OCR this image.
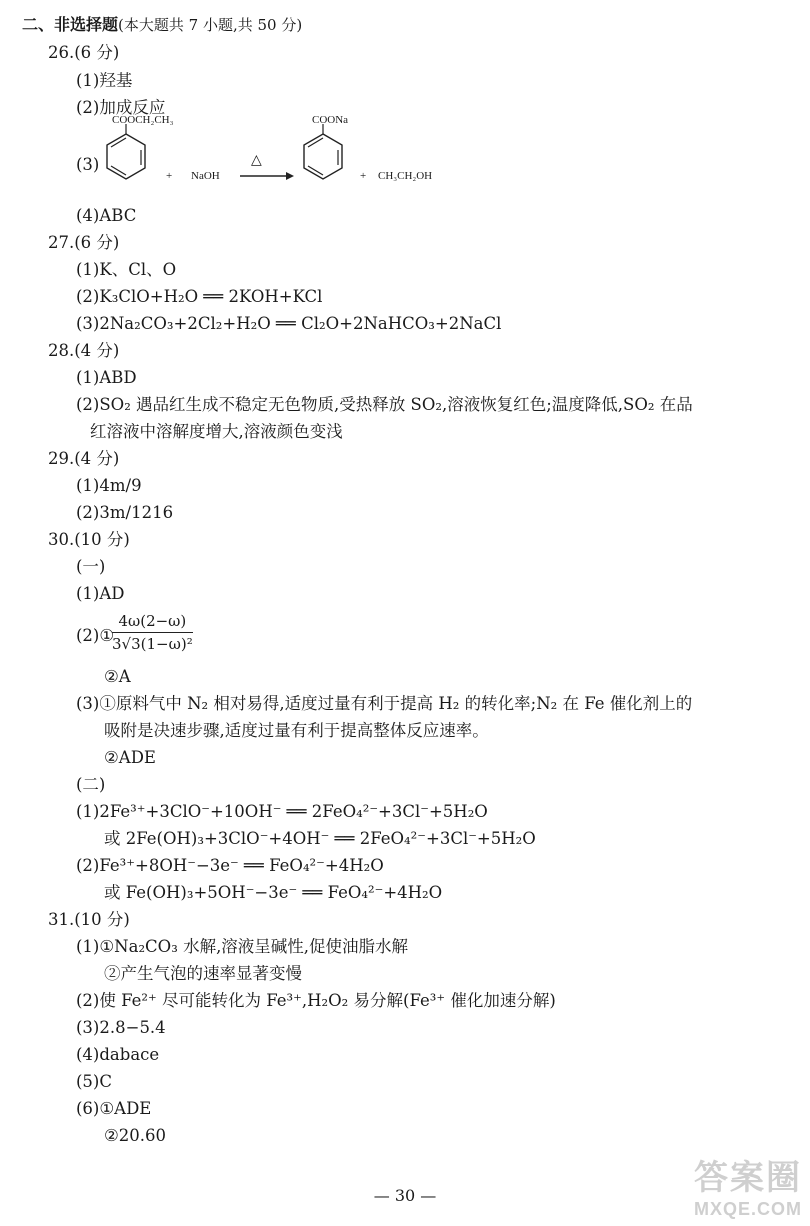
二、非选择题(本大题共 7 小题,共 50 分)
26.(6 分)
(1)羟基
(2)加成反应
(3)
COOCH₂CH₃
+ NaOH
△
COONa
+ CH₃CH₂OH
(4)ABC
27.(6 分)
(1)K、Cl、O
(2)K₃ClO+H₂O ══ 2KOH+KCl
(3)2Na₂CO₃+2Cl₂+H₂O ══ Cl₂O+2NaHCO₃+2NaCl
28.(4 分)
(1)ABD
(2)SO₂ 遇品红生成不稳定无色物质,受热释放 SO₂,溶液恢复红色;温度降低,SO₂ 在品
红溶液中溶解度增大,溶液颜色变浅
29.(4 分)
(1)4m/9
(2)3m/1216
30.(10 分)
(一)
(1)AD
(2)①
4ω(2−ω)
3√3(1−ω)²
②A
(3)①原料气中 N₂ 相对易得,适度过量有利于提高 H₂ 的转化率;N₂ 在 Fe 催化剂上的
吸附是决速步骤,适度过量有利于提高整体反应速率。
②ADE
(二)
(1)2Fe³⁺+3ClO⁻+10OH⁻ ══ 2FeO₄²⁻+3Cl⁻+5H₂O
或 2Fe(OH)₃+3ClO⁻+4OH⁻ ══ 2FeO₄²⁻+3Cl⁻+5H₂O
(2)Fe³⁺+8OH⁻−3e⁻ ══ FeO₄²⁻+4H₂O
或 Fe(OH)₃+5OH⁻−3e⁻ ══ FeO₄²⁻+4H₂O
31.(10 分)
(1)①Na₂CO₃ 水解,溶液呈碱性,促使油脂水解
②产生气泡的速率显著变慢
(2)使 Fe²⁺ 尽可能转化为 Fe³⁺,H₂O₂ 易分解(Fe³⁺ 催化加速分解)
(3)2.8−5.4
(4)dabace
(5)C
(6)①ADE
②20.60
— 30 —	答案圈
MXQE.COM
